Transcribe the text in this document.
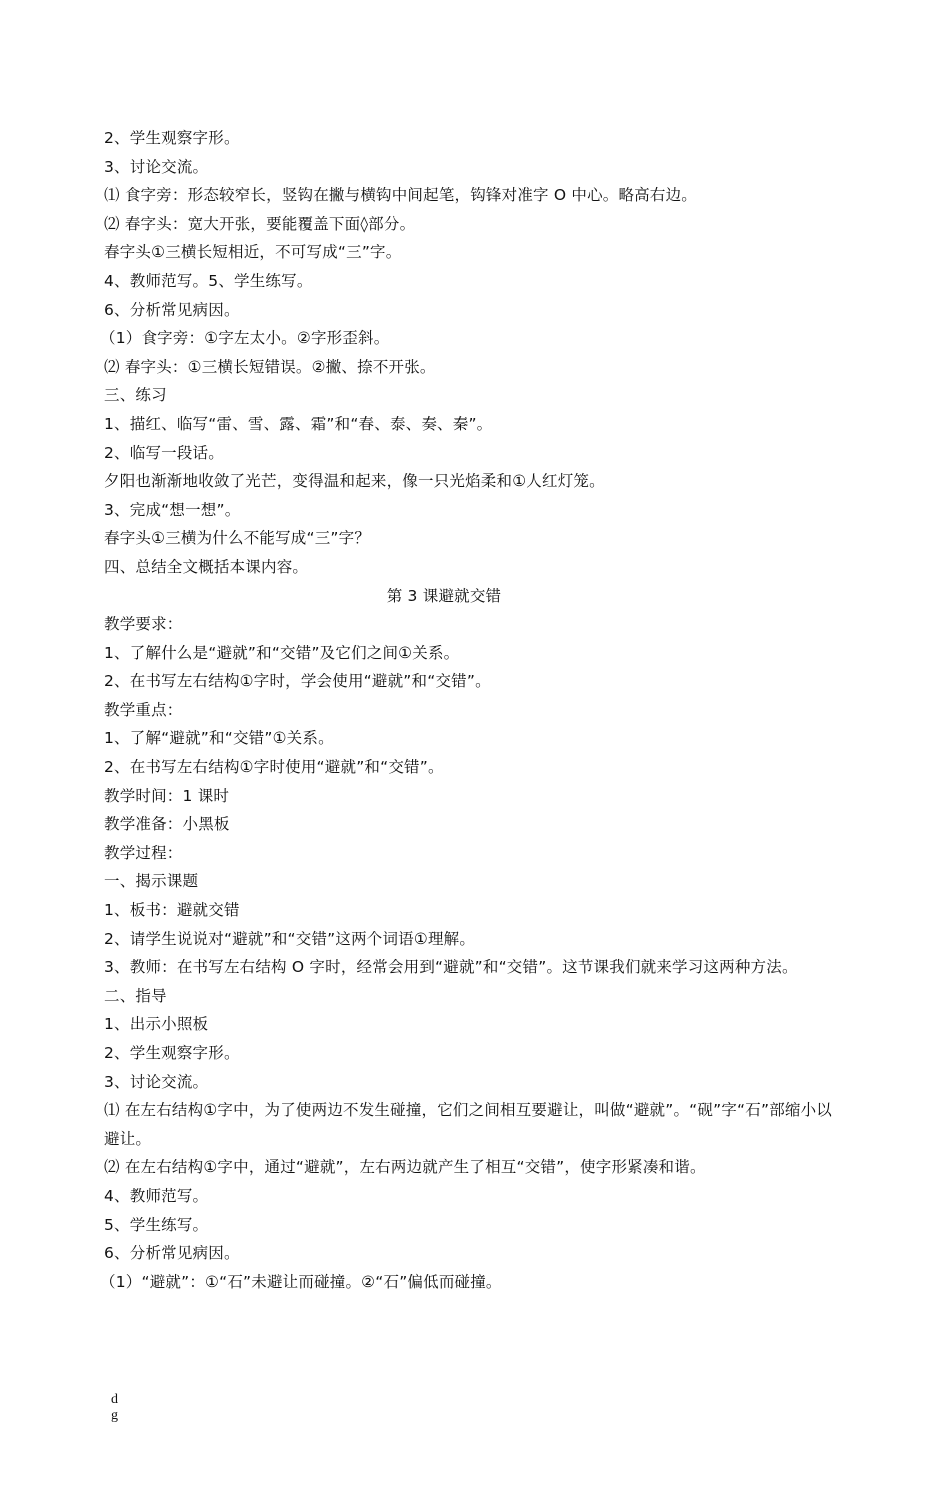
2、学生观察字形。
3、讨论交流。
⑴ 食字旁：形态较窄长，竖钩在撇与横钩中间起笔，钩锋对准字 O 中心。略高右边。
⑵ 春字头：宽大开张，要能覆盖下面◊部分。
春字头①三横长短相近，不可写成“三”字。
4、教师范写。5、学生练写。
6、分析常见病因。
（1）食字旁：①字左太小。②字形歪斜。
⑵ 春字头：①三横长短错误。②撇、捺不开张。
三、练习
1、描红、临写“雷、雪、露、霜”和“春、泰、奏、秦”。
2、临写一段话。
夕阳也渐渐地收敛了光芒，变得温和起来，像一只光焰柔和①人红灯笼。
3、完成“想一想”。
春字头①三横为什么不能写成“三”字？
四、总结全文概括本课内容。
第 3 课避就交错
教学要求：
1、了解什么是“避就”和“交错”及它们之间①关系。
2、在书写左右结构①字时，学会使用“避就”和“交错”。
教学重点：
1、了解“避就”和“交错”①关系。
2、在书写左右结构①字时使用“避就”和“交错”。
教学时间：1 课时
教学准备：小黑板
教学过程：
一、揭示课题
1、板书：避就交错
2、请学生说说对“避就”和“交错”这两个词语①理解。
3、教师：在书写左右结构 O 字时，经常会用到“避就”和“交错”。这节课我们就来学习这两种方法。
二、指导
1、出示小照板
2、学生观察字形。
3、讨论交流。
⑴ 在左右结构①字中，为了使两边不发生碰撞，它们之间相互要避让，叫做“避就”。“砚”字“石”部缩小以避让。
⑵ 在左右结构①字中，通过“避就”，左右两边就产生了相互“交错”，使字形紧凑和谐。
4、教师范写。
5、学生练写。
6、分析常见病因。
（1）“避就”：①“石”未避让而碰撞。②“石”偏低而碰撞。
d
g
